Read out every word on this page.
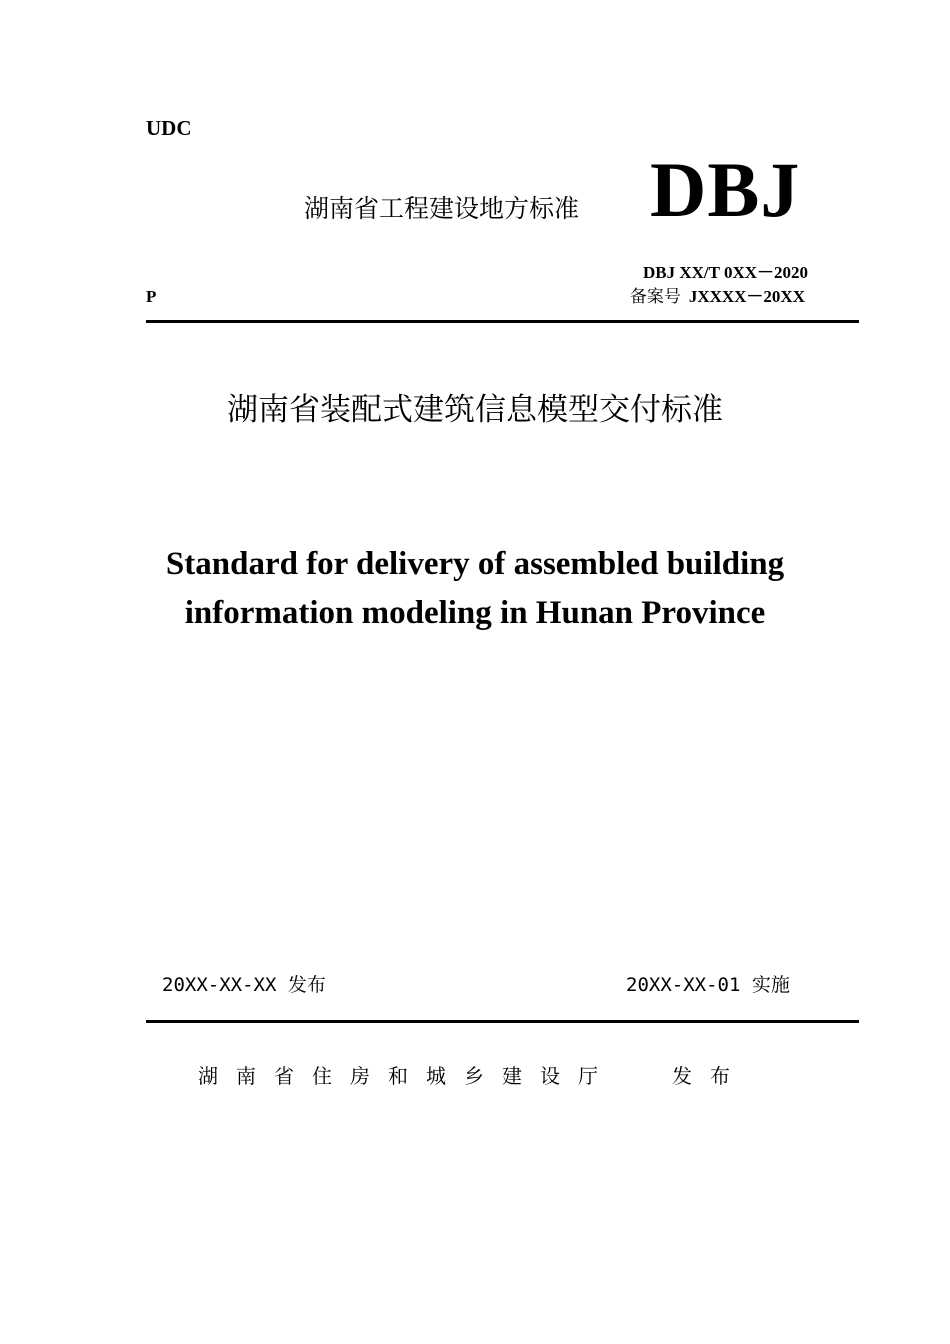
UDC
湖南省工程建设地方标准 DBJ
DBJ XX/T 0XX－2020
P	备案号 JXXXX－20XX
湖南省装配式建筑信息模型交付标准
Standard for delivery of assembled building
information modeling in Hunan Province
20XX-XX-XX 发布	20XX-XX-01 实施
湖南省住房和城乡建设厅	发布
